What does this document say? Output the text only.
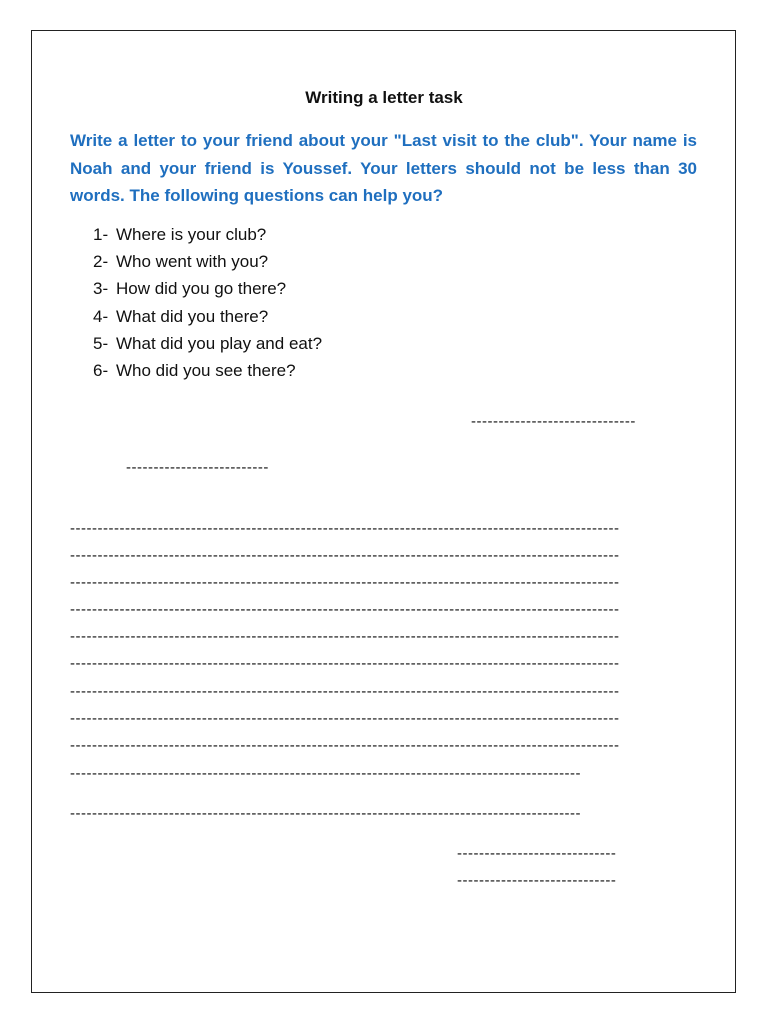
Writing a letter task
Write a letter to your friend about your "Last visit to the club". Your name is Noah and your friend is Youssef. Your letters should not be less than 30 words. The following questions can help you?
1- Where is your club?
2- Who went with you?
3- How did you go there?
4- What did you there?
5- What did you play and eat?
6- Who did you see there?
------------------------------
--------------------------
----------------------------------------------------------------------------------------------------
----------------------------------------------------------------------------------------------------
----------------------------------------------------------------------------------------------------
----------------------------------------------------------------------------------------------------
----------------------------------------------------------------------------------------------------
----------------------------------------------------------------------------------------------------
----------------------------------------------------------------------------------------------------
----------------------------------------------------------------------------------------------------
----------------------------------------------------------------------------------------------------
---------------------------------------------------------------------------------------------
---------------------------------------------------------------------------------------------
-----------------------------
-----------------------------
